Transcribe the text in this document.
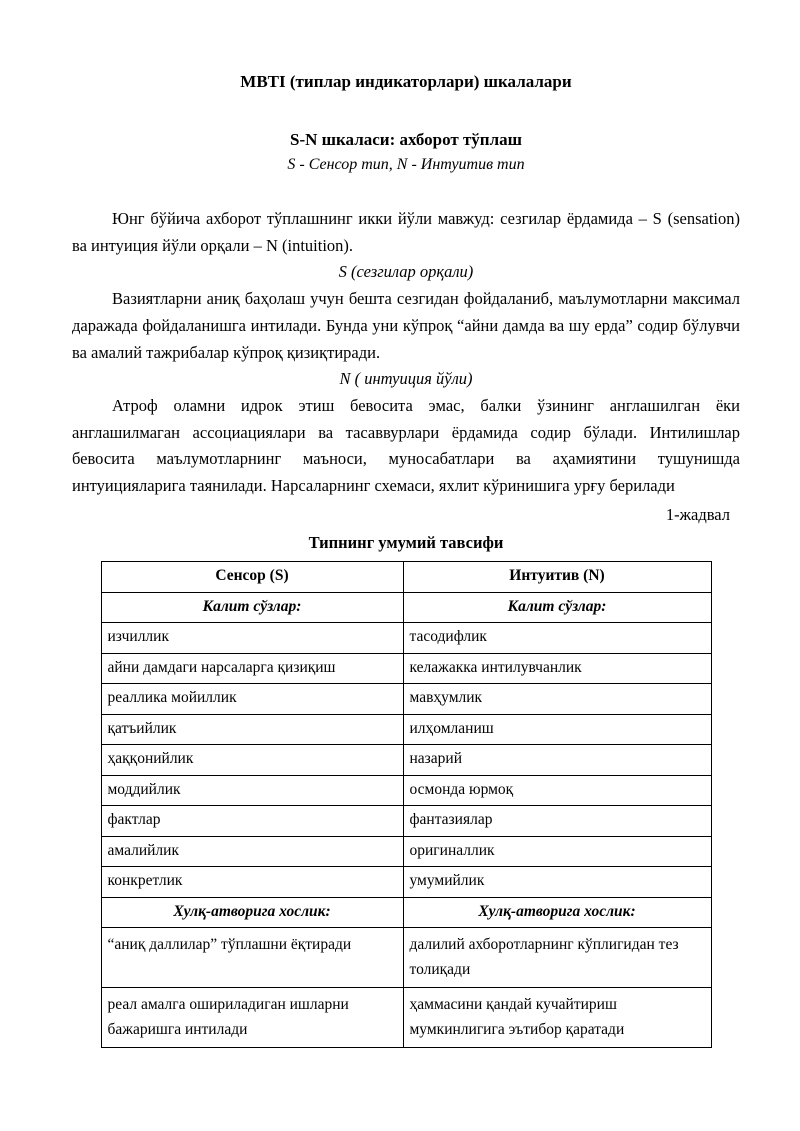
MBTI (типлар индикаторлари) шкалалари
S-N шкаласи: ахборот тўплаш
S - Сенсор тип, N - Интуитив тип

Юнг бўйича ахборот тўплашнинг икки йўли мавжуд: сезгилар ёрдамида – S (sensation) ва интуиция йўли орқали – N (intuition).

S (сезгилар орқали)

Вазиятларни аниқ баҳолаш учун бешта сезгидан фойдаланиб, маълумотларни максимал даражада фойдаланишга интилади. Бунда уни кўпроқ “айни дамда ва шу ерда” содир бўлувчи ва амалий тажрибалар кўпроқ қизиқтиради.

N ( интуиция йўли)

Атроф оламни идрок этиш бевосита эмас, балки ўзининг англашилган ёки англашилмаган ассоциациялари ва тасаввурлари ёрдамида содир бўлади. Интилишлар бевосита маълумотларнинг маъноси, муносабатлари ва аҳамиятини тушунишда интуицияларига таянилади. Нарсаларнинг схемаси, яхлит кўринишига урғу берилади

1-жадвал
Типнинг умумий тавсифи
Сенсор (S)	Интуитив (N)
Калит сўзлар:	Калит сўзлар:
изчиллик	тасодифлик
айни дамдаги нарсаларга қизиқиш	келажакка интилувчанлик
реаллика мойиллик	мавҳумлик
қатъийлик	илҳомланиш
ҳаққонийлик	назарий
моддийлик	осмонда юрмоқ
фактлар	фантазиялар
амалийлик	оригиналлик
конкретлик	умумийлик
Хулқ-атворига хослик:	Хулқ-атворига хослик:
“аниқ даллилар” тўплашни ёқтиради	далилий ахборотларнинг кўплигидан тез толиқади
реал амалга ошириладиган ишларни бажаришга интилади	ҳаммасини қандай кучайтириш мумкинлигига эътибор қаратади
